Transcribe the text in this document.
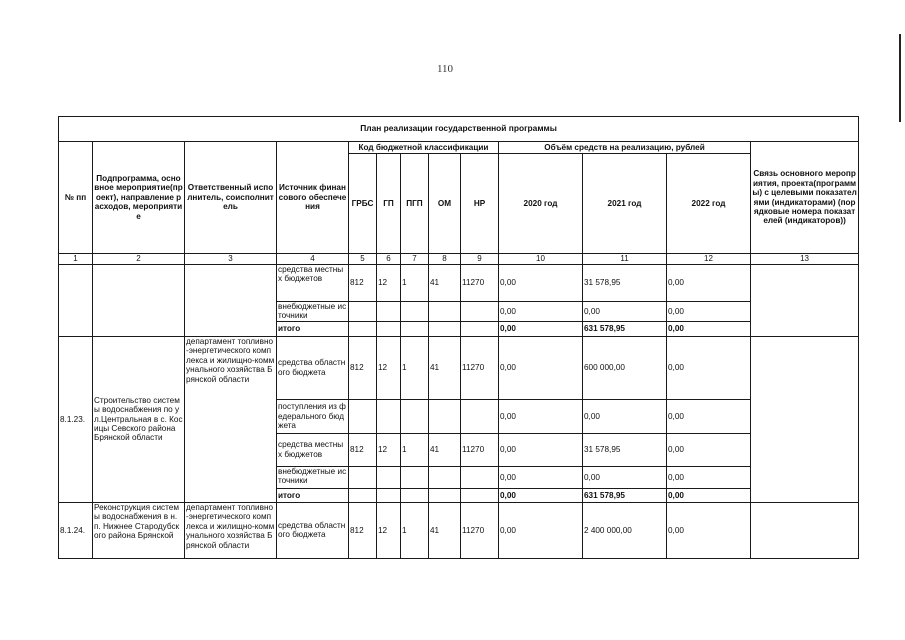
110
План реализации государственной программы												
№ пп	Подпрограмма, основное мероприятие(проект), направление расходов, мероприятие	Ответственный исполнитель, соисполнитель	Источник финансового обеспечения	Код бюджетной классификации					Объём средств на реализацию, рублей			Связь основного мероприятия, проекта(программы) с целевыми показателями (индикаторами) (порядковые номера показателей (индикаторов))
				ГРБС	ГП	ПГП	ОМ	НР	2020 год	2021 год	2022 год	
1	2	3	4	5	6	7	8	9	10	11	12	13
			средства местных бюджетов	812	12	1	41	11270	0,00	31 578,95	0,00	
			внебюджетные источники						0,00	0,00	0,00	
			итого						0,00	631 578,95	0,00	
8.1.23.	Строительство системы водоснабжения по ул.Центральная в с. Косицы Севского района Брянской области	департамент топливно-энергетического комплекса и жилищно-коммунального хозяйства Брянской области	средства областного бюджета	812	12	1	41	11270	0,00	600 000,00	0,00	
			поступления из федерального бюджета						0,00	0,00	0,00	
			средства местных бюджетов	812	12	1	41	11270	0,00	31 578,95	0,00	
			внебюджетные источники						0,00	0,00	0,00	
			итого						0,00	631 578,95	0,00	
8.1.24.	Реконструкция системы водоснабжения в н.п. Нижнее Стародубского района Брянской	департамент топливно-энергетического комплекса и жилищно-коммунального хозяйства Брянской области	средства областного бюджета	812	12	1	41	11270	0,00	2 400 000,00	0,00	
